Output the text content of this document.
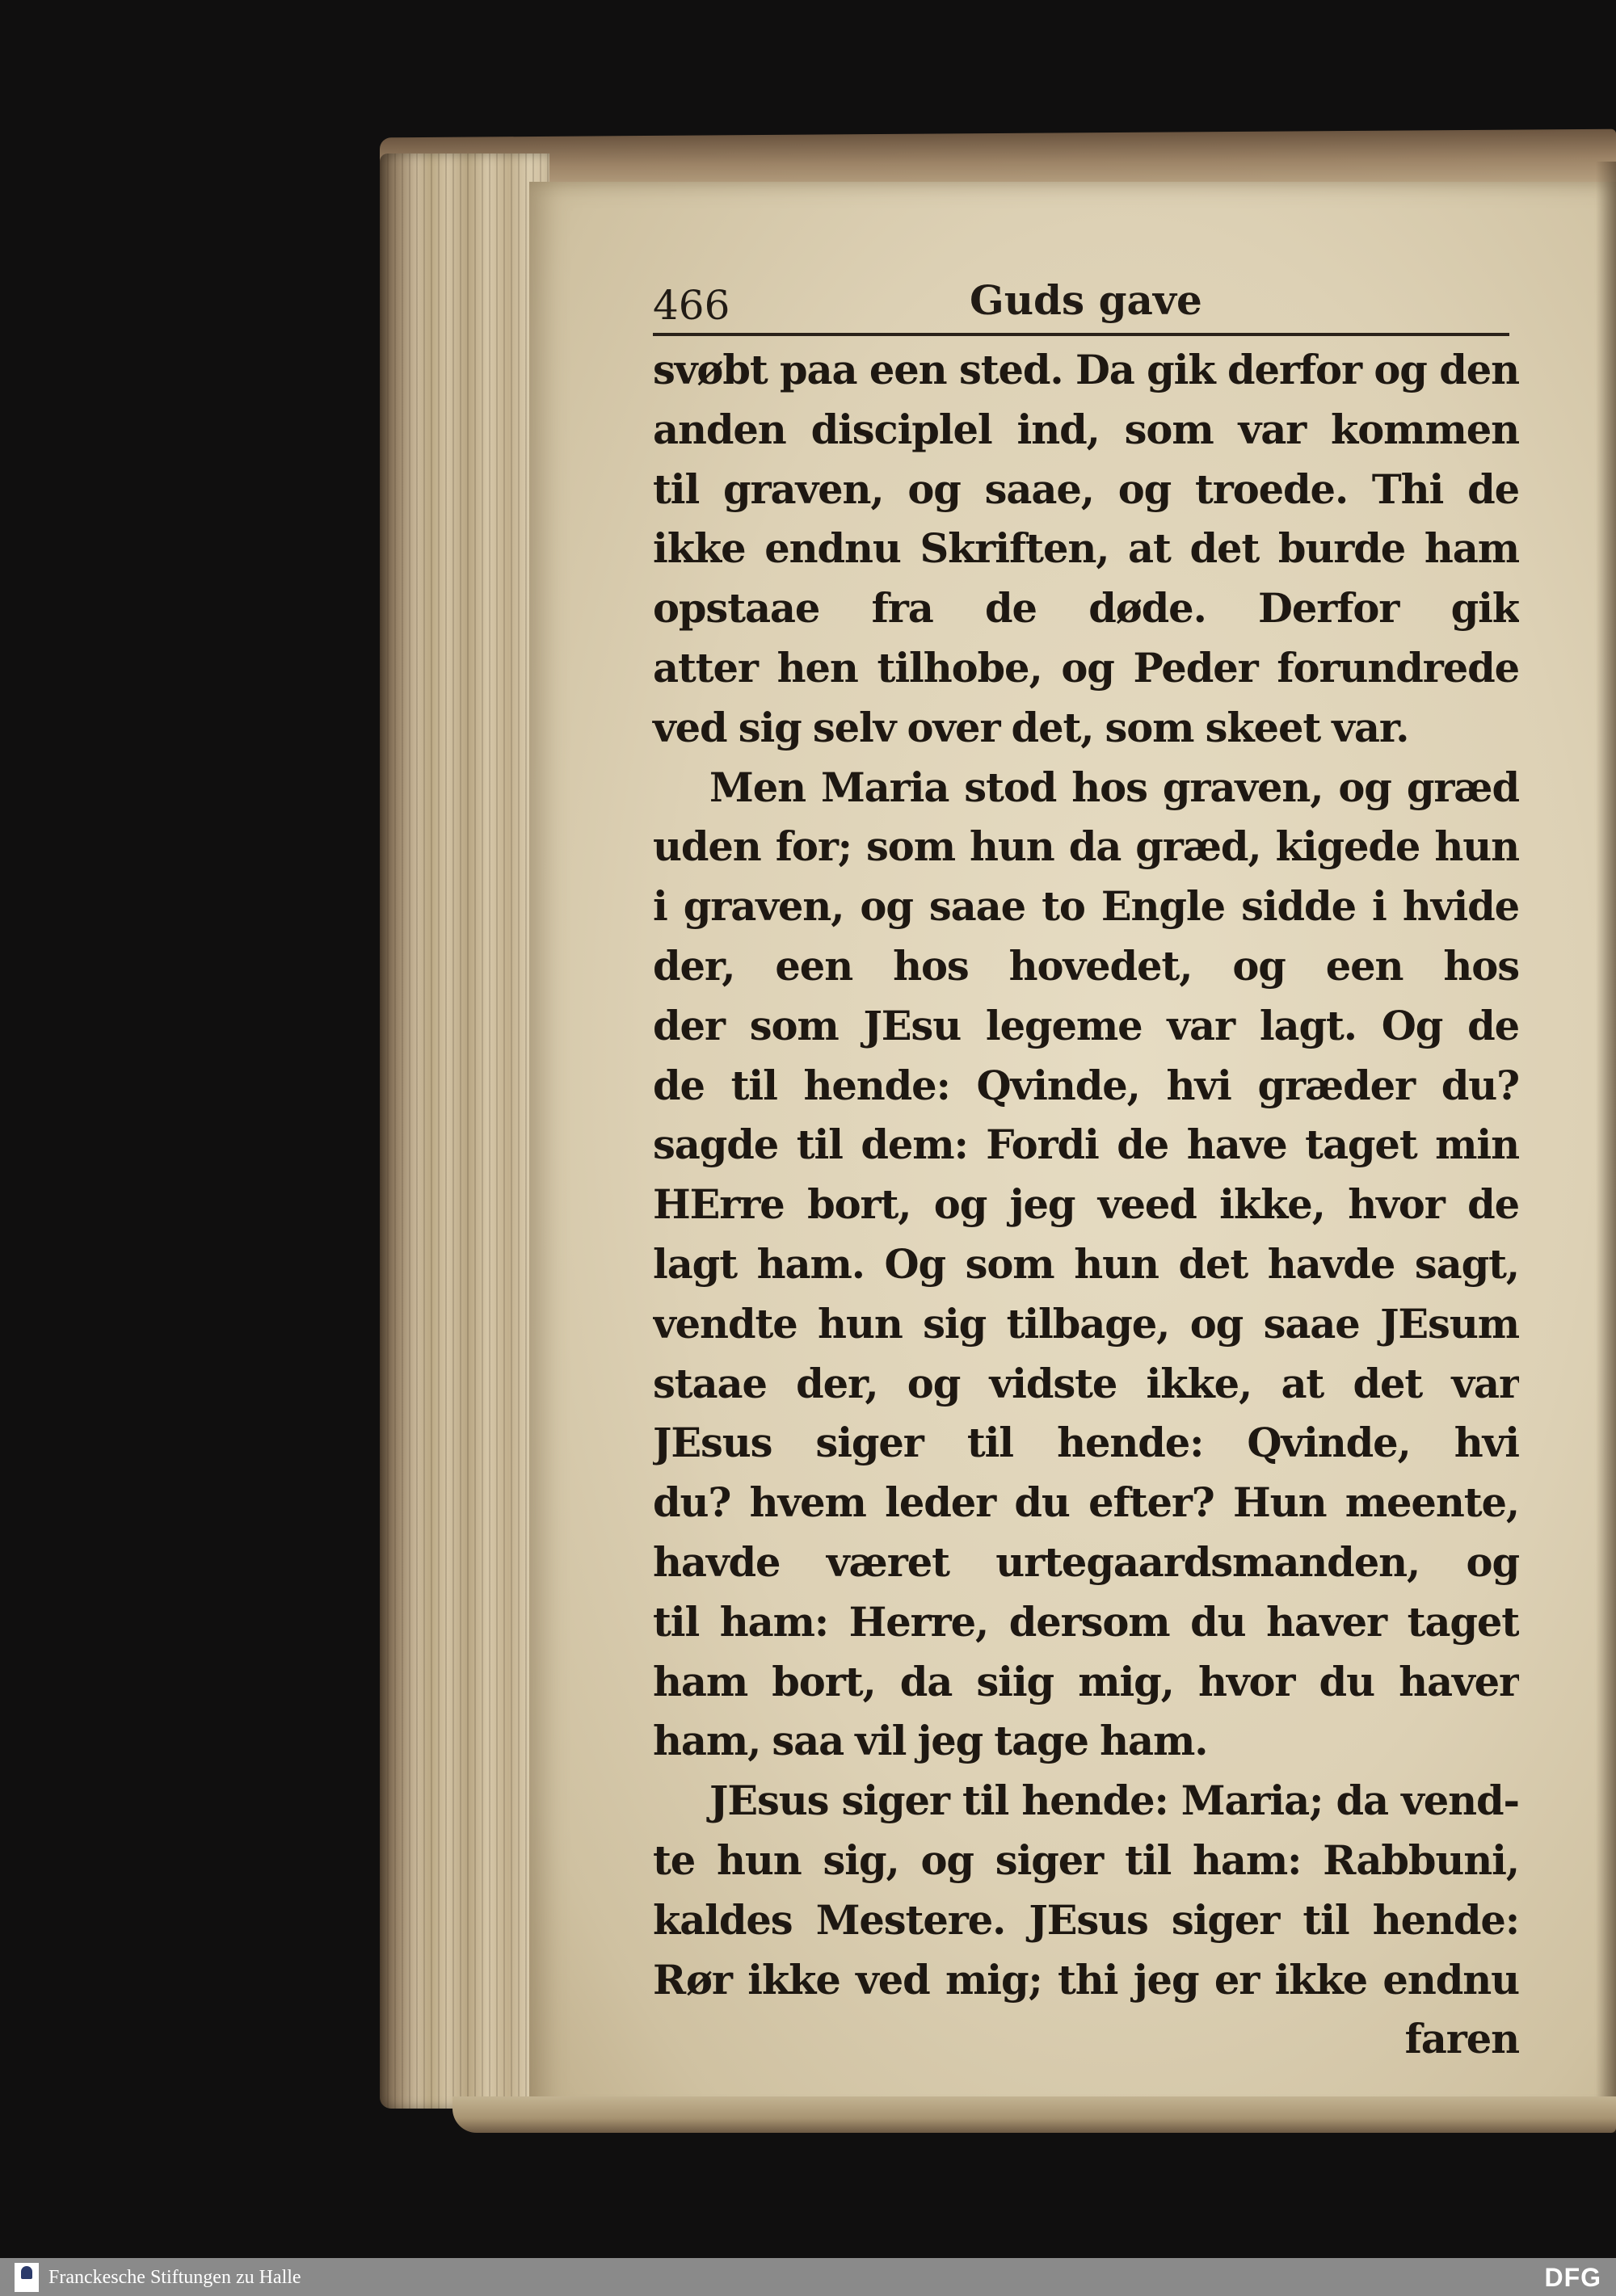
466	Guds gave
svøbt paa een sted. Da gik derfor og den
anden disciplel ind, som var kommen
til graven, og saae, og troede. Thi de
ikke endnu Skriften, at det burde ham
opstaae fra de døde. Derfor gik
atter hen tilhobe, og Peder forundrede
ved sig selv over det, som skeet var.
Men Maria stod hos graven, og græd
uden for; som hun da græd, kigede hun
i graven, og saae to Engle sidde i hvide
der, een hos hovedet, og een hos
der som JEsu legeme var lagt. Og de
de til hende: Qvinde, hvi græder du?
sagde til dem: Fordi de have taget min
HErre bort, og jeg veed ikke, hvor de
lagt ham. Og som hun det havde sagt,
vendte hun sig tilbage, og saae JEsum
staae der, og vidste ikke, at det var
JEsus siger til hende: Qvinde, hvi
du? hvem leder du efter? Hun meente,
havde været urtegaardsmanden, og
til ham: Herre, dersom du haver taget
ham bort, da siig mig, hvor du haver
ham, saa vil jeg tage ham.
JEsus siger til hende: Maria; da vend-
te hun sig, og siger til ham: Rabbuni,
kaldes Mestere. JEsus siger til hende:
Rør ikke ved mig; thi jeg er ikke endnu
faren
Franckesche Stiftungen zu Halle	DFG
